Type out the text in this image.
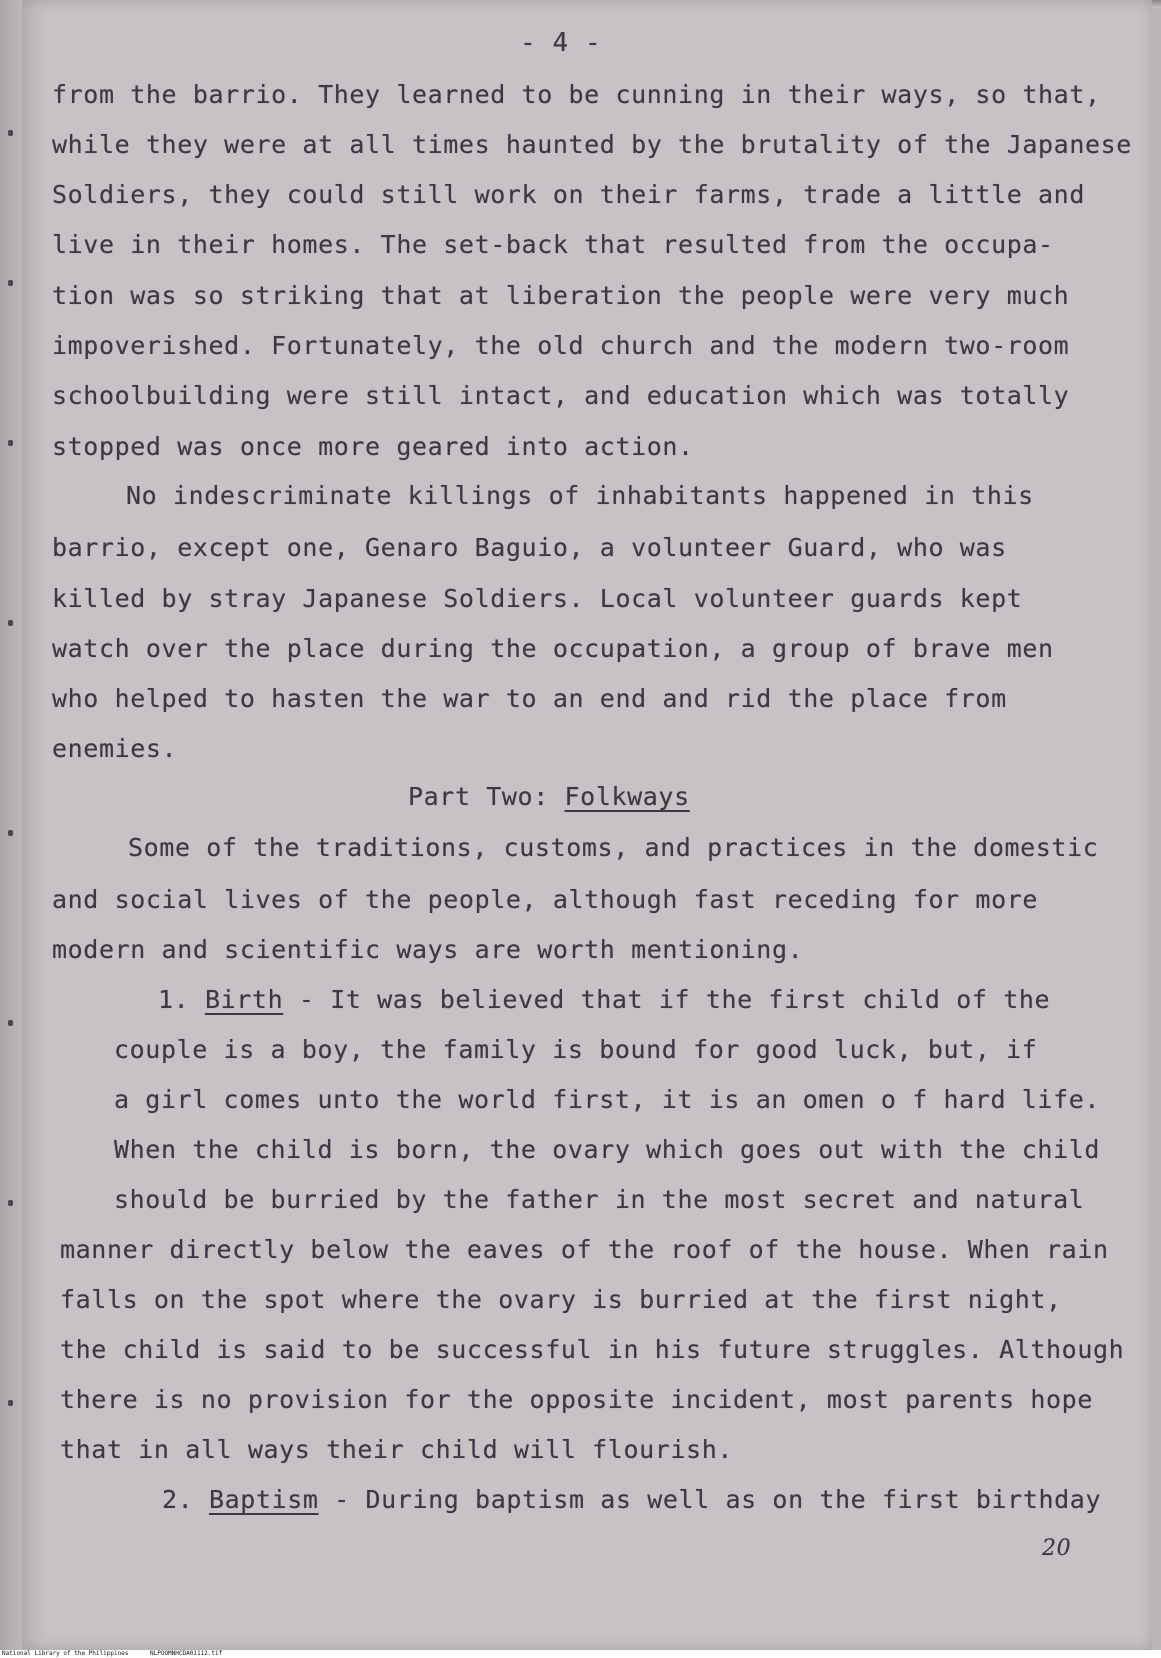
- 4 -
from the barrio. They learned to be cunning in their ways, so that,
while they were at all times haunted by the brutality of the Japanese
Soldiers, they could still work on their farms, trade a little and
live in their homes. The set-back that resulted from the occupa-
tion was so striking that at liberation the people were very much
impoverished. Fortunately, the old church and the modern two-room
schoolbuilding were still intact, and education which was totally
stopped was once more geared into action.
No indescriminate killings of inhabitants happened in this
barrio, except one, Genaro Baguio, a volunteer Guard, who was
killed by stray Japanese Soldiers. Local volunteer guards kept
watch over the place during the occupation, a group of brave men
who helped to hasten the war to an end and rid the place from
enemies.
Part Two: Folkways
Some of the traditions, customs, and practices in the domestic
and social lives of the people, although fast receding for more
modern and scientific ways are worth mentioning.
1. Birth - It was believed that if the first child of the
couple is a boy, the family is bound for good luck, but, if
a girl comes unto the world first, it is an omen o f hard life.
When the child is born, the ovary which goes out with the child
should be burried by the father in the most secret and natural
manner directly below the eaves of the roof of the house. When rain
falls on the spot where the ovary is burried at the first night,
the child is said to be successful in his future struggles. Although
there is no provision for the opposite incident, most parents hope
that in all ways their child will flourish.
2. Baptism - During baptism as well as on the first birthday
20
National Library of the Philippines	NLPOOMNHCDA01112.tif
